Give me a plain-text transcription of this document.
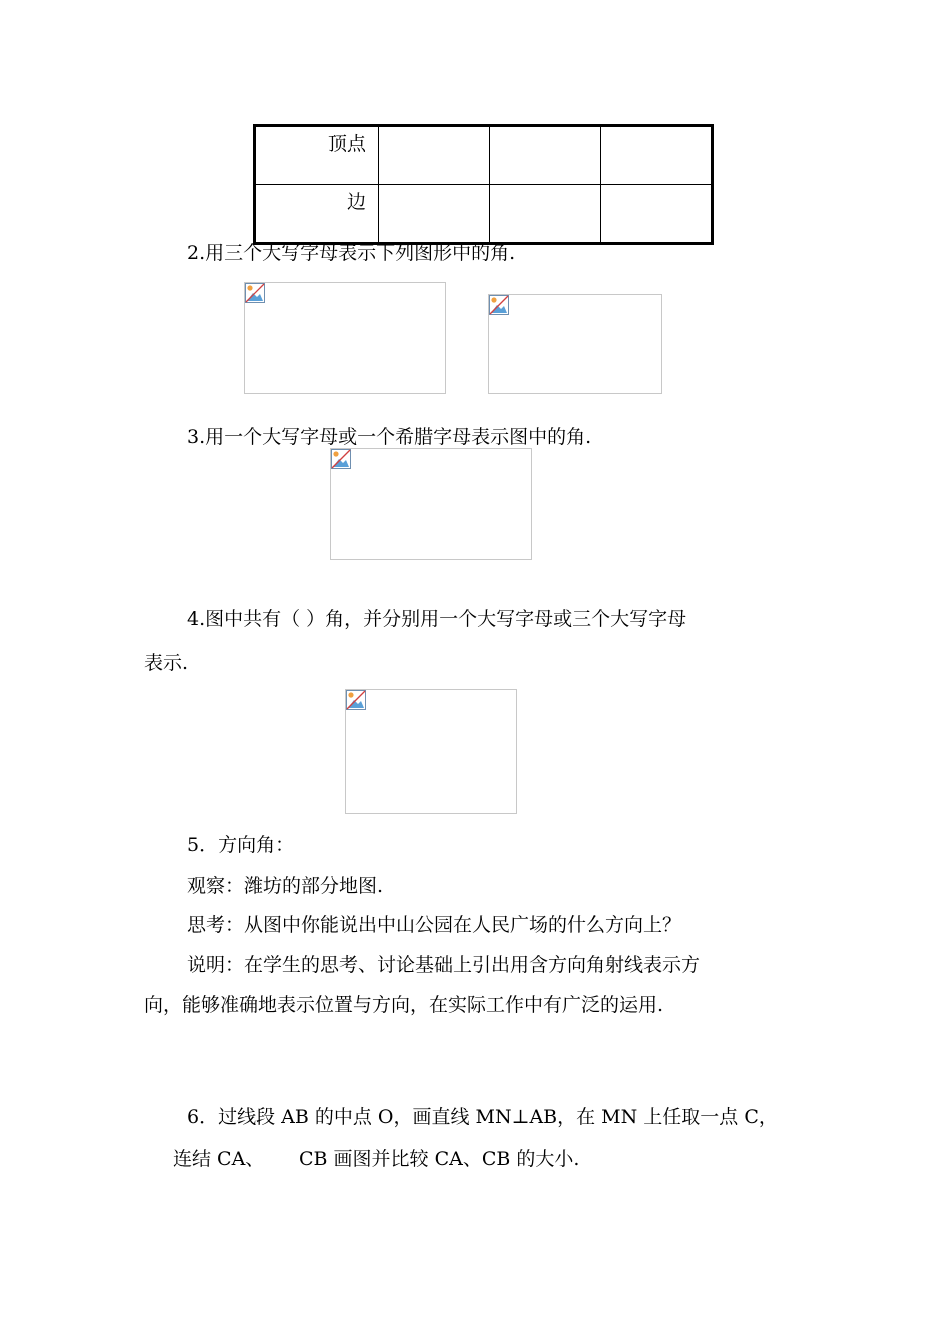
顶点			
边			
2.用三个大写字母表示下列图形中的角.
3.用一个大写字母或一个希腊字母表示图中的角.
4.图中共有（ ）角，并分别用一个大写字母或三个大写字母
表示.
5．方向角：
观察：潍坊的部分地图.
思考：从图中你能说出中山公园在人民广场的什么方向上？
说明：在学生的思考、讨论基础上引出用含方向角射线表示方
向，能够准确地表示位置与方向，在实际工作中有广泛的运用.
6．过线段 AB 的中点 O，画直线 MN⊥AB，在 MN 上任取一点 C，
连结 CA、 CB 画图并比较 CA、CB 的大小.
